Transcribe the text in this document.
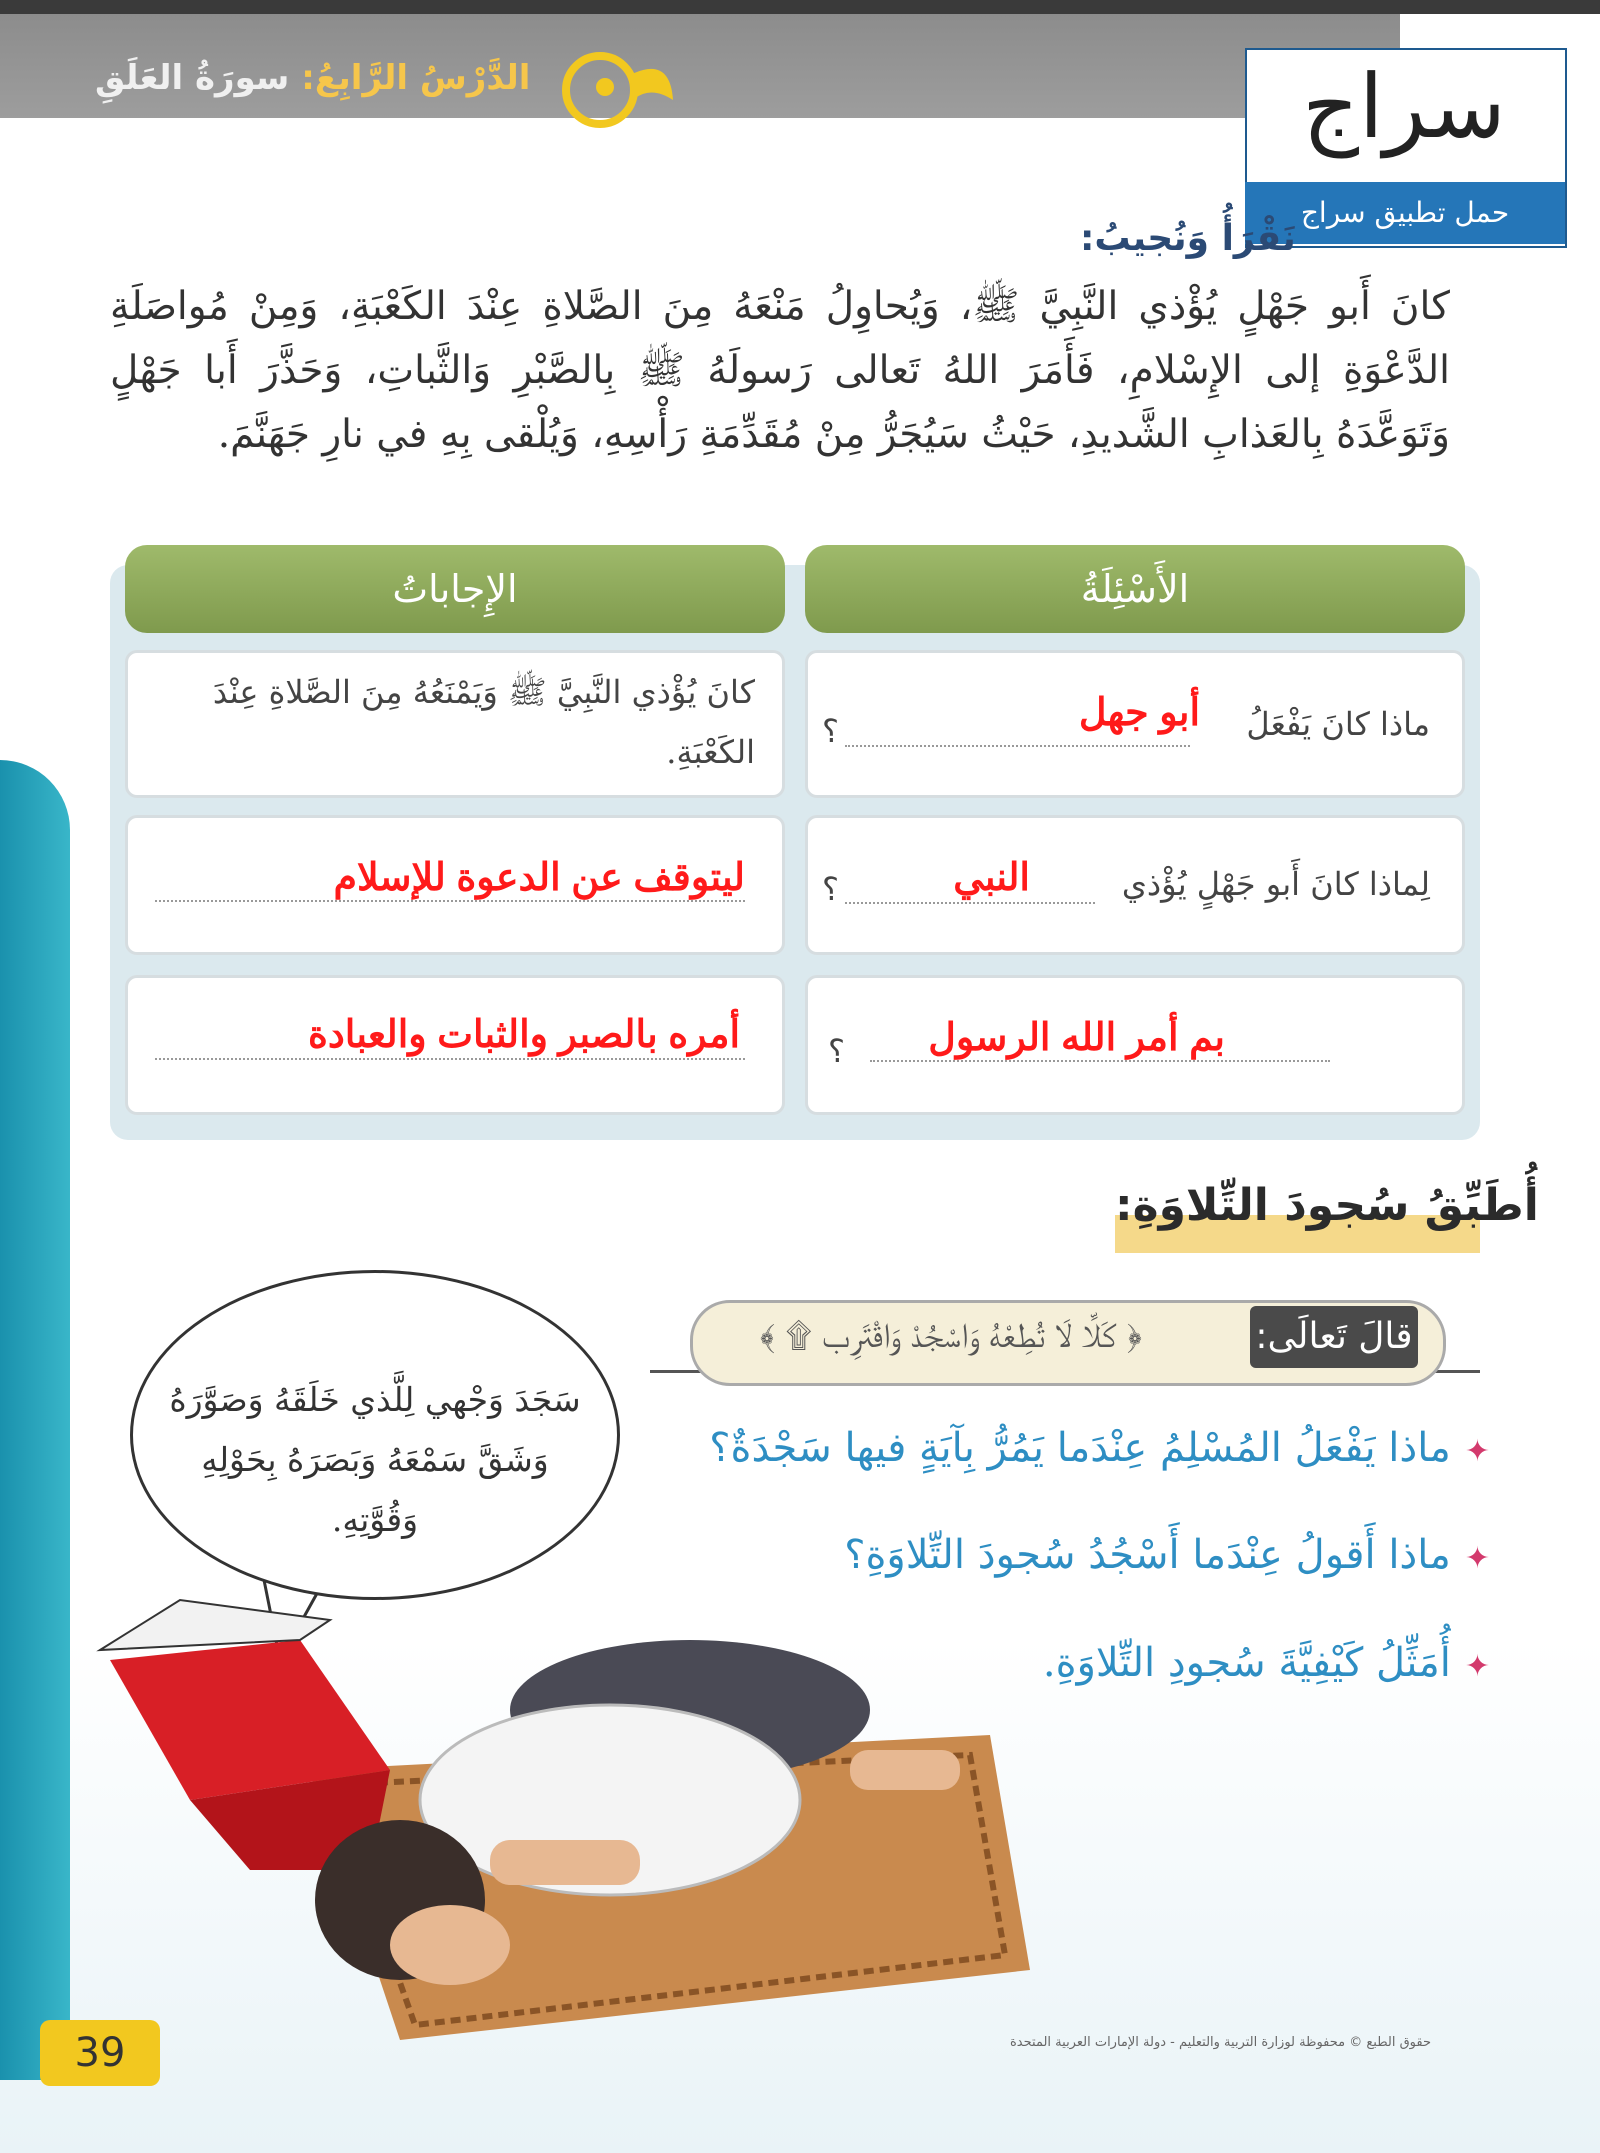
الدَّرْسُ الرَّابِعُ: سورَةُ العَلَقِ	سراج
حمل تطبيق سراج
نَقْرَأُ وَنُجيبُ:
كانَ أَبو جَهْلٍ يُؤْذي النَّبِيَّ ﷺ، وَيُحاوِلُ مَنْعَهُ مِنَ الصَّلاةِ عِنْدَ الكَعْبَةِ، وَمِنْ مُواصَلَةِ الدَّعْوَةِ إلى الإِسْلامِ، فَأَمَرَ اللهُ تَعالى رَسولَهُ ﷺ بِالصَّبْرِ وَالثَّباتِ، وَحَذَّرَ أَبا جَهْلٍ وَتَوَعَّدَهُ بِالعَذابِ الشَّديدِ، حَيْثُ سَيُجَرُّ مِنْ مُقَدِّمَةِ رَأْسِهِ، وَيُلْقى بِهِ في نارِ جَهَنَّمَ.
الأَسْئِلَةُ
الإِجاباتُ
ماذا كانَ يَفْعَلُ
أبو جهل
؟
كانَ يُؤْذي النَّبِيَّ ﷺ وَيَمْنَعُهُ مِنَ الصَّلاةِ عِنْدَ الكَعْبَةِ.
لِماذا كانَ أَبو جَهْلٍ يُؤْذي
النبي
؟
ليتوقف عن الدعوة للإسلام
بم أمر الله الرسول
؟
أمره بالصبر والثبات والعبادة
أُطَبِّقُ سُجودَ التِّلاوَةِ:
قالَ تَعالَى:
﴿ كَلَّا لَا تُطِعْهُ وَاسْجُدْ وَاقْتَرِب ۩ ﴾
✦ماذا يَفْعَلُ المُسْلِمُ عِنْدَما يَمُرُّ بِآيَةٍ فيها سَجْدَةٌ؟
✦ماذا أَقولُ عِنْدَما أَسْجُدُ سُجودَ التِّلاوَةِ؟
✦أُمَثِّلُ كَيْفِيَّةَ سُجودِ التِّلاوَةِ.
سَجَدَ وَجْهي لِلَّذي خَلَقَهُ وَصَوَّرَهُ وَشَقَّ سَمْعَهُ وَبَصَرَهُ بِحَوْلِهِ وَقُوَّتِهِ.
39	حقوق الطبع © محفوظة لوزارة التربية والتعليم - دولة الإمارات العربية المتحدة
